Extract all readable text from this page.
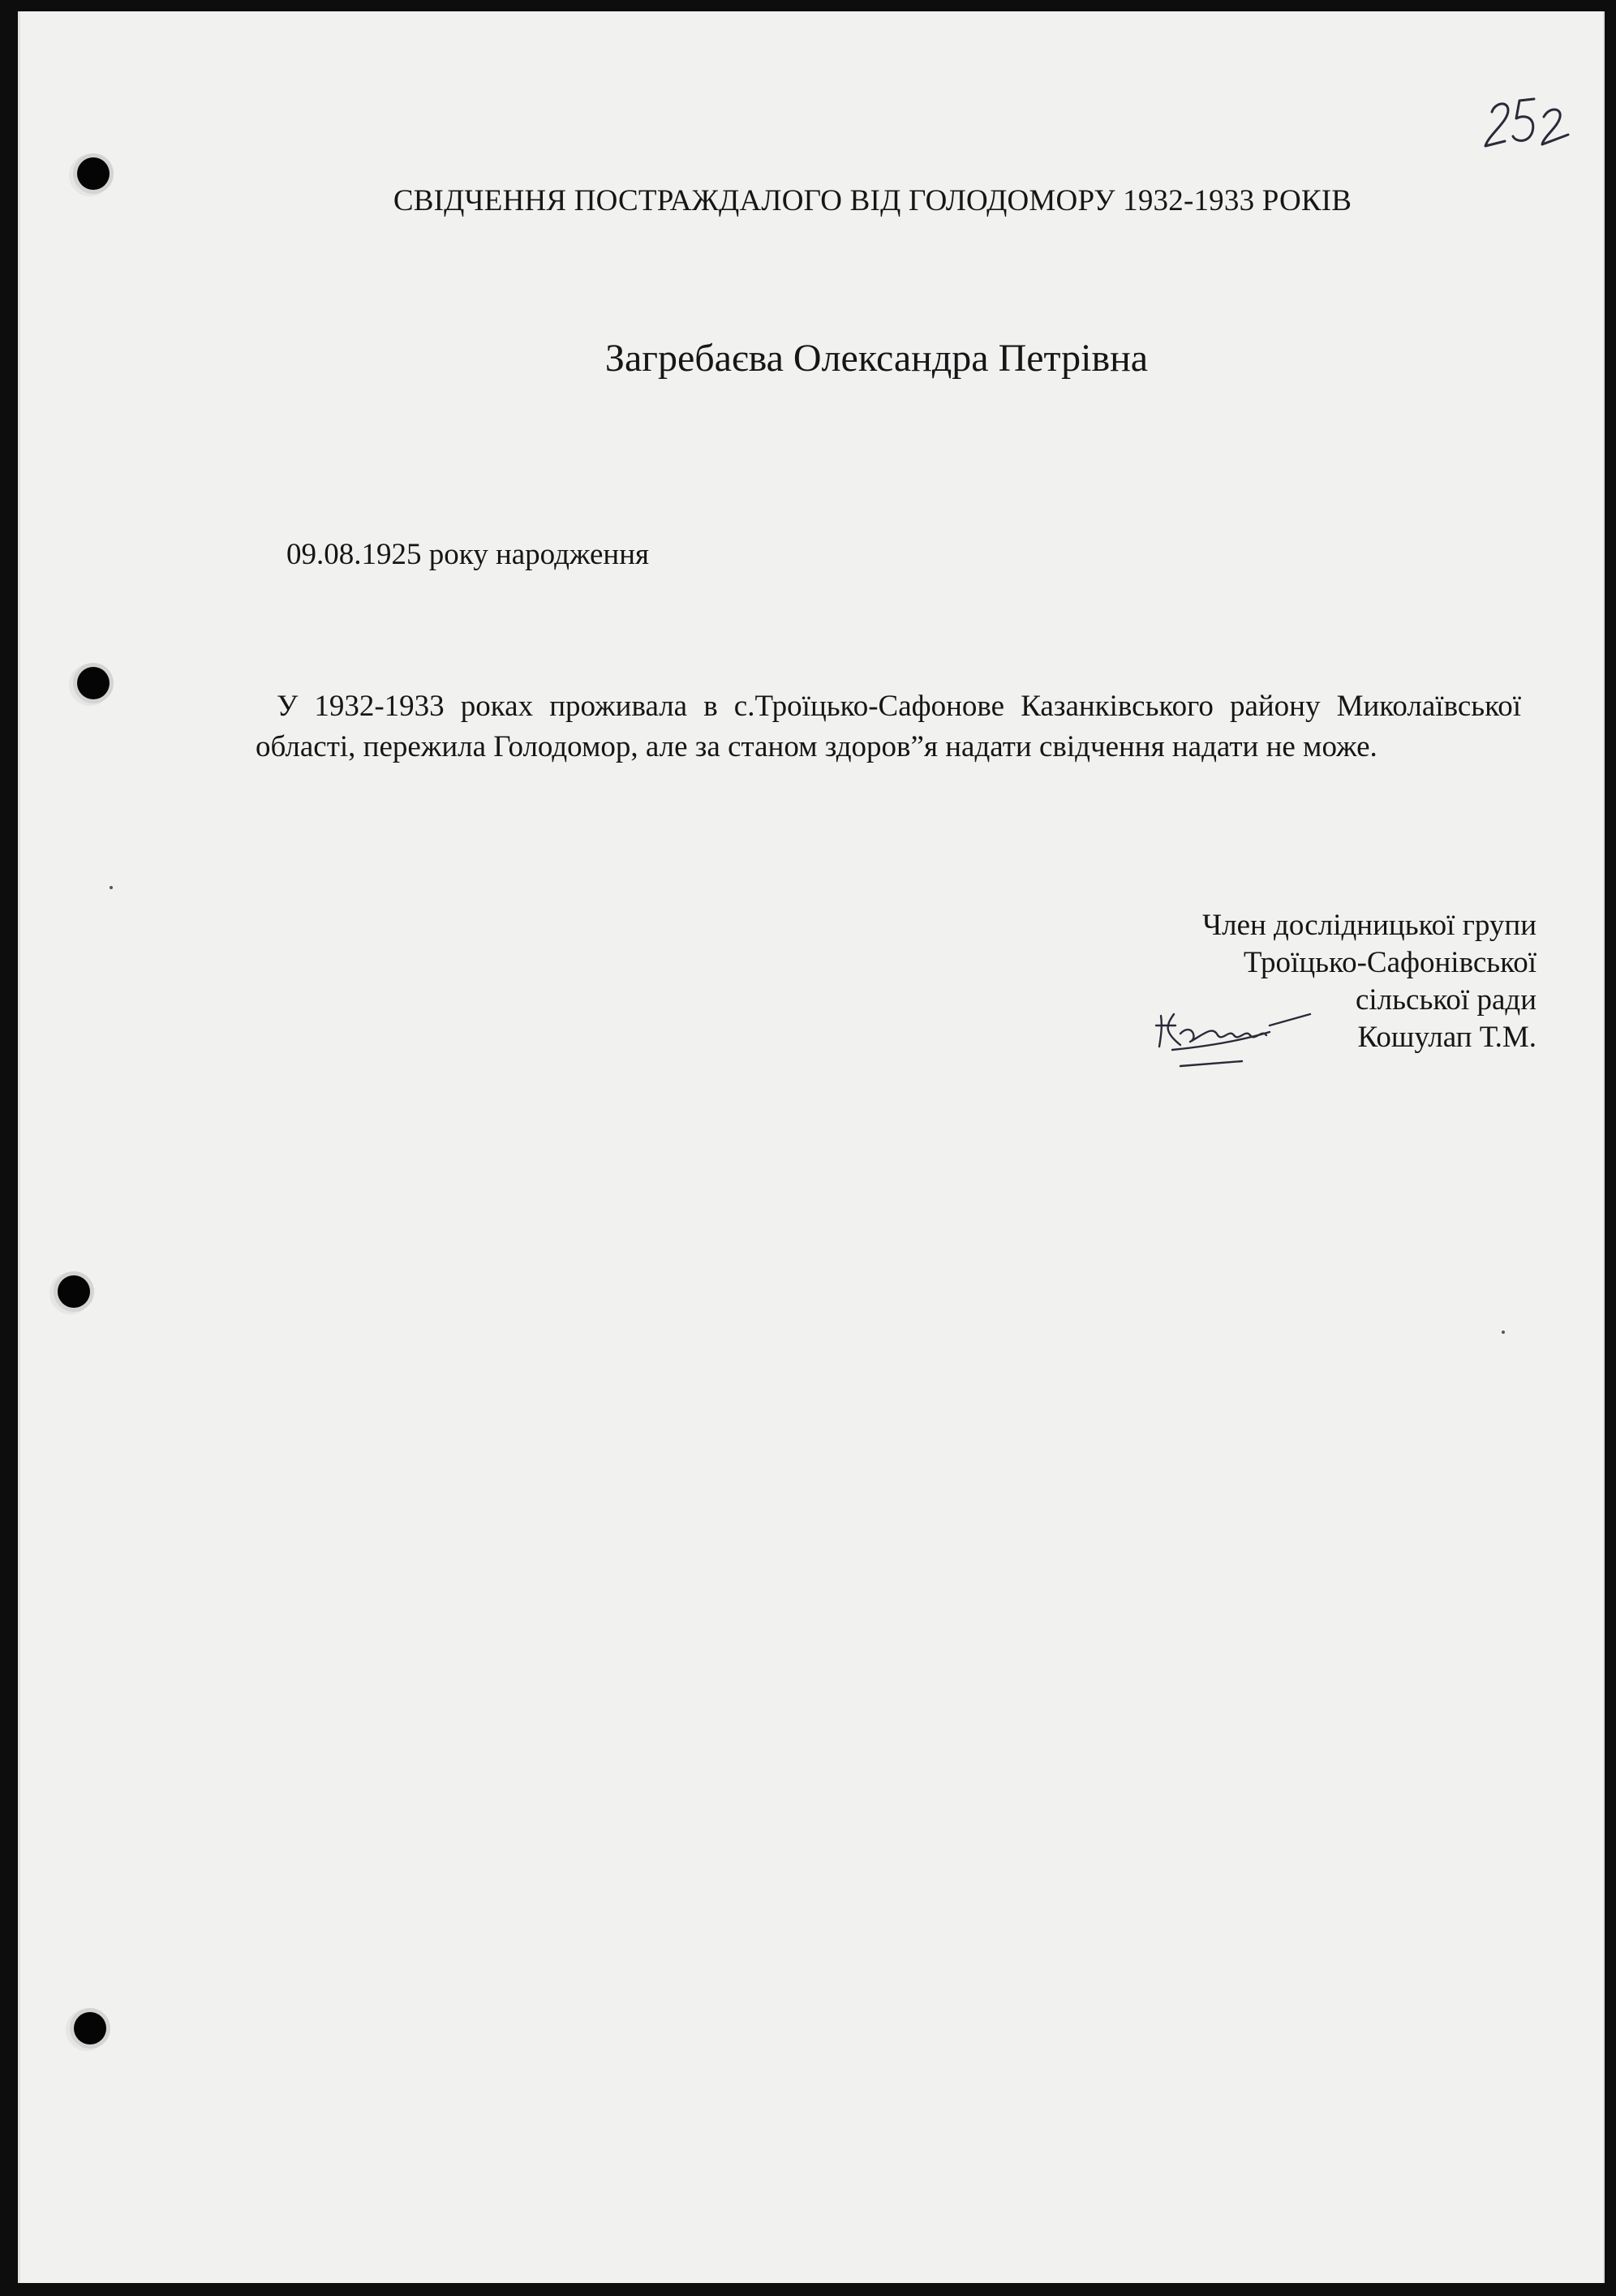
СВІДЧЕННЯ ПОСТРАЖДАЛОГО ВІД ГОЛОДОМОРУ 1932-1933 РОКІВ
Загребаєва Олександра Петрівна
09.08.1925 року народження
У 1932-1933 роках проживала в с.Троїцько-Сафонове Казанківського району Миколаївської області, пережила Голодомор, але за станом здоров”я надати свідчення надати не може.
Член дослідницької групи
Троїцько-Сафонівської
сільської ради
Кошулап Т.М.
